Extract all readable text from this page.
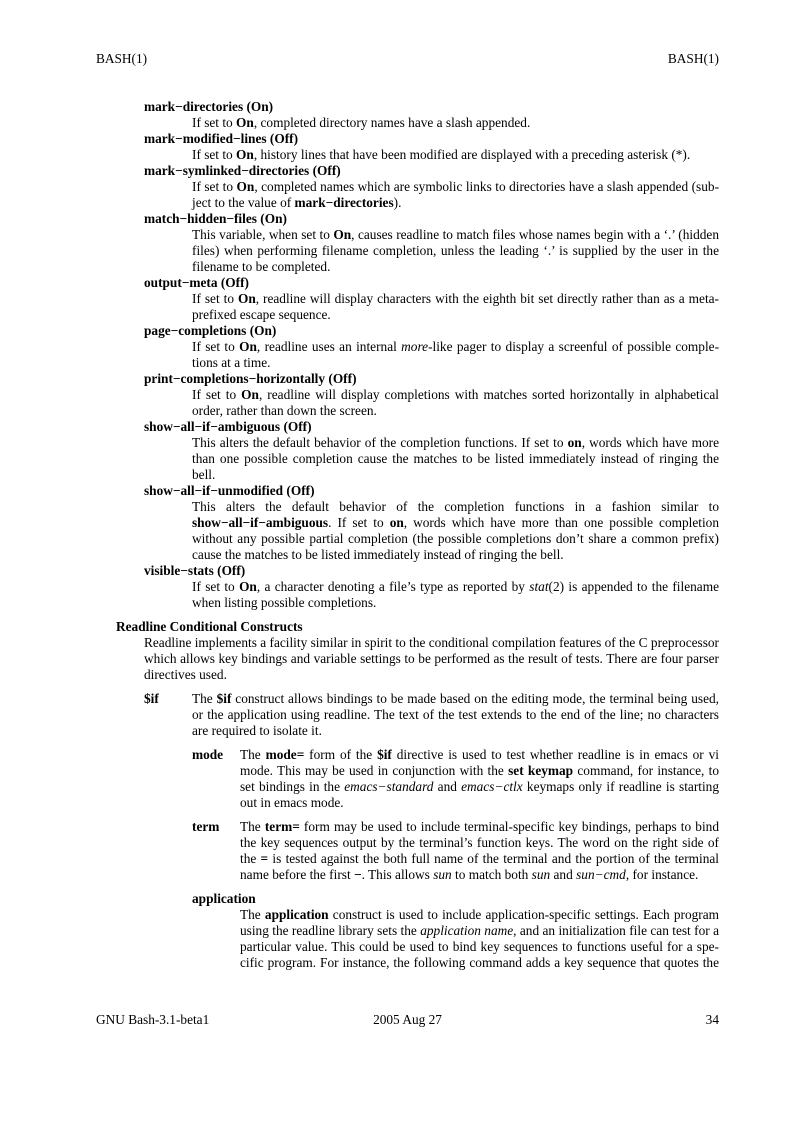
BASH(1)	BASH(1)
mark−directories (On)
If set to On, completed directory names have a slash appended.
mark−modified−lines (Off)
If set to On, history lines that have been modified are displayed with a preceding asterisk (*).
mark−symlinked−directories (Off)
If set to On, completed names which are symbolic links to directories have a slash appended (sub-
ject to the value of mark−directories).
match−hidden−files (On)
This variable, when set to On, causes readline to match files whose names begin with a ‘.’ (hidden
files) when performing filename completion, unless the leading ‘.’ is supplied by the user in the
filename to be completed.
output−meta (Off)
If set to On, readline will display characters with the eighth bit set directly rather than as a meta-
prefixed escape sequence.
page−completions (On)
If set to On, readline uses an internal more-like pager to display a screenful of possible comple-
tions at a time.
print−completions−horizontally (Off)
If set to On, readline will display completions with matches sorted horizontally in alphabetical
order, rather than down the screen.
show−all−if−ambiguous (Off)
This alters the default behavior of the completion functions. If set to on, words which have more
than one possible completion cause the matches to be listed immediately instead of ringing the
bell.
show−all−if−unmodified (Off)
This alters the default behavior of the completion functions in a fashion similar to
show−all−if−ambiguous. If set to on, words which have more than one possible completion
without any possible partial completion (the possible completions don’t share a common prefix)
cause the matches to be listed immediately instead of ringing the bell.
visible−stats (Off)
If set to On, a character denoting a file’s type as reported by stat(2) is appended to the filename
when listing possible completions.
Readline Conditional Constructs
Readline implements a facility similar in spirit to the conditional compilation features of the C preprocessor
which allows key bindings and variable settings to be performed as the result of tests. There are four parser
directives used.
$if The $if construct allows bindings to be made based on the editing mode, the terminal being used,
or the application using readline. The text of the test extends to the end of the line; no characters
are required to isolate it.
mode The mode= form of the $if directive is used to test whether readline is in emacs or vi
mode. This may be used in conjunction with the set keymap command, for instance, to
set bindings in the emacs−standard and emacs−ctlx keymaps only if readline is starting
out in emacs mode.
term The term= form may be used to include terminal-specific key bindings, perhaps to bind
the key sequences output by the terminal’s function keys. The word on the right side of
the = is tested against the both full name of the terminal and the portion of the terminal
name before the first −. This allows sun to match both sun and sun−cmd, for instance.
application
The application construct is used to include application-specific settings. Each program
using the readline library sets the application name, and an initialization file can test for a
particular value. This could be used to bind key sequences to functions useful for a spe-
cific program. For instance, the following command adds a key sequence that quotes the
GNU Bash-3.1-beta1	2005 Aug 27	34
